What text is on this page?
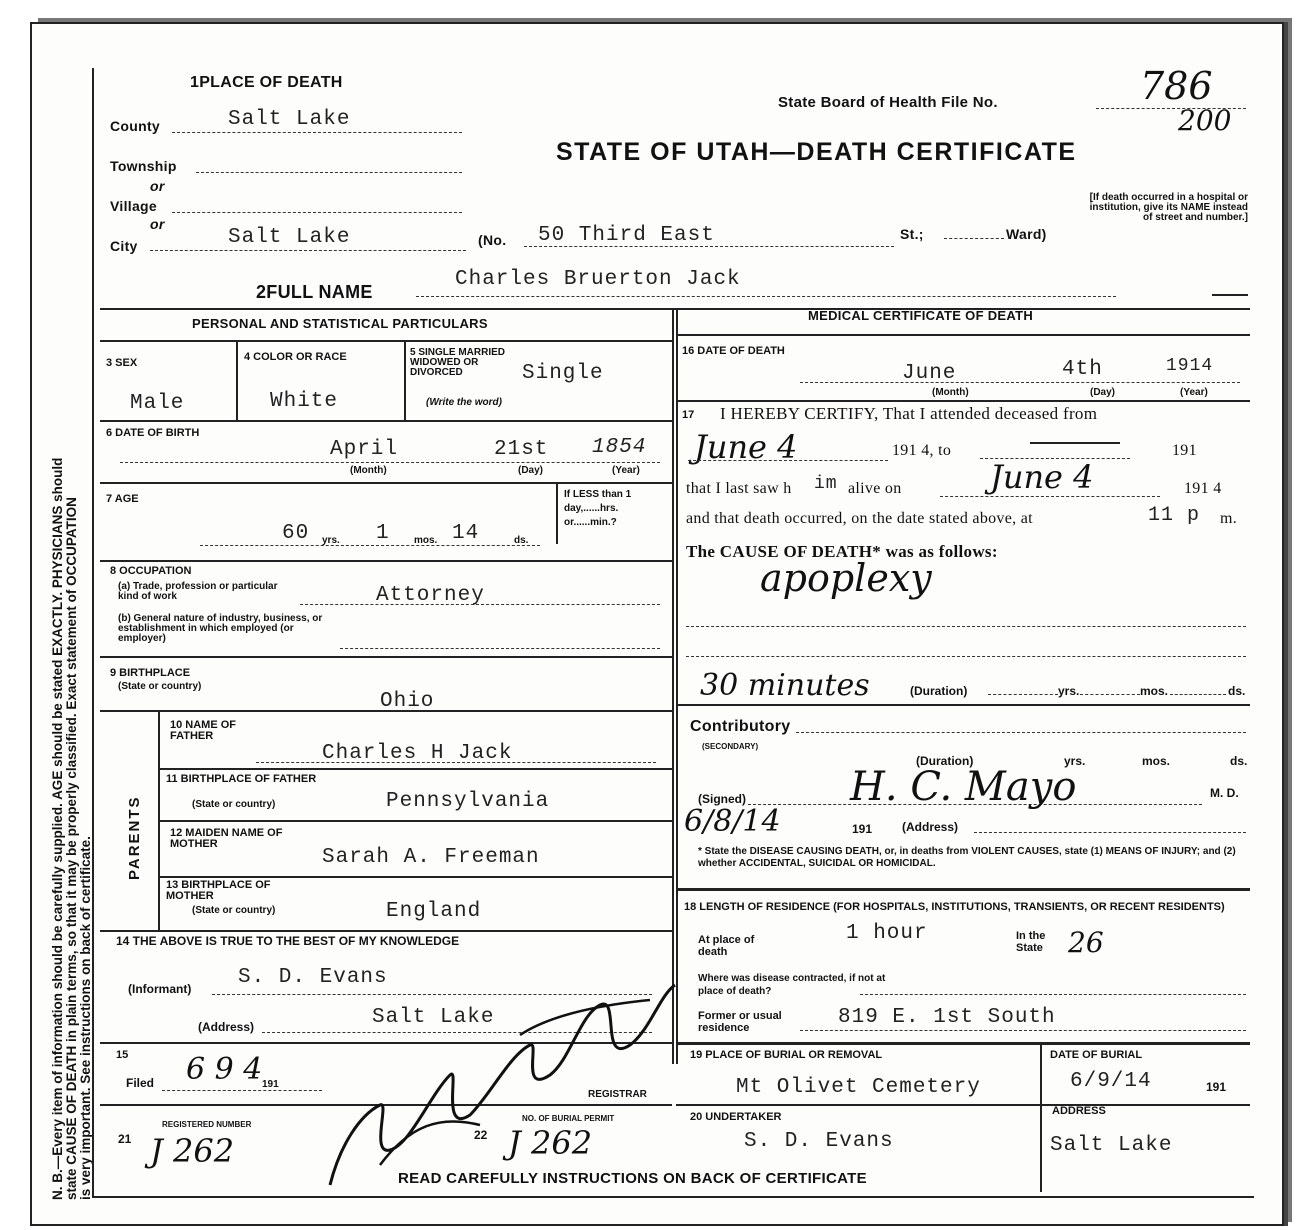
N. B.—Every item of information should be carefully supplied. AGE should be stated EXACTLY. PHYSICIANS should state CAUSE OF DEATH in plain terms, so that it may be properly classified. Exact statement of OCCUPATION is very important. See instructions on back of certificate.
1PLACE OF DEATH
State Board of Health File No.	786
200
STATE OF UTAH—DEATH CERTIFICATE
County	Salt Lake
Township
or
Village
or
City	Salt Lake	(No. 50 Third East	St.;	Ward)
[If death occurred in a hospital or institution, give its NAME instead of street and number.]
2FULL NAME
Charles Bruerton Jack
PERSONAL AND STATISTICAL PARTICULARS
3 SEX
Male
4 COLOR OR RACE
White
5 SINGLE MARRIED WIDOWED OR DIVORCED
(Write the word)
Single
6 DATE OF BIRTH
April	21st 1854
(Month)	(Day)	(Year)
7 AGE
60 yrs. 1 mos. 14	ds.
If LESS than 1 day,......hrs. or......min.?
8 OCCUPATION
(a) Trade, profession or particular kind of work	Attorney
(b) General nature of industry, business, or establishment in which employed (or employer)
9 BIRTHPLACE
(State or country)
Ohio
PARENTS
10 NAME OF FATHER
Charles H Jack
11 BIRTHPLACE OF FATHER
(State or country)	Pennsylvania
12 MAIDEN NAME OF MOTHER
Sarah A. Freeman
13 BIRTHPLACE OF MOTHER
(State or country)	England
14 THE ABOVE IS TRUE TO THE BEST OF MY KNOWLEDGE
(Informant) S. D. Evans
(Address)	Salt Lake
15
Filed 6 9 4 191
REGISTRAR
REGISTERED NUMBER
21 J 262
NO. OF BURIAL PERMIT
22 J 262
MEDICAL CERTIFICATE OF DEATH
16 DATE OF DEATH
June	4th	1914
(Month)	(Day)	(Year)
17 I HEREBY CERTIFY, That I attended deceased from
June 4	191 4, to	191
that I last saw h im alive on	June 4	191 4
and that death occurred, on the date stated above, at	11 p m.
The CAUSE OF DEATH* was as follows:
apoplexy
30 minutes	(Duration)	yrs.	mos.	ds.
Contributory
(SECONDARY)
(Duration)	yrs.	mos.	ds.
(Signed)	H. C. Mayo	M. D.
6/8/14	191 (Address)
* State the DISEASE CAUSING DEATH, or, in deaths from VIOLENT CAUSES, state (1) MEANS OF INJURY; and (2) whether ACCIDENTAL, SUICIDAL OR HOMICIDAL.
18 LENGTH OF RESIDENCE (FOR HOSPITALS, INSTITUTIONS, TRANSIENTS, OR RECENT RESIDENTS)
At place of death
1 hour	In the State 26
Where was disease contracted, if not at place of death?
Former or usual residence	819 E. 1st South
19 PLACE OF BURIAL OR REMOVAL
Mt Olivet Cemetery
DATE OF BURIAL
6/9/14	191
20 UNDERTAKER
S. D. Evans
ADDRESS
Salt Lake
READ CAREFULLY INSTRUCTIONS ON BACK OF CERTIFICATE
